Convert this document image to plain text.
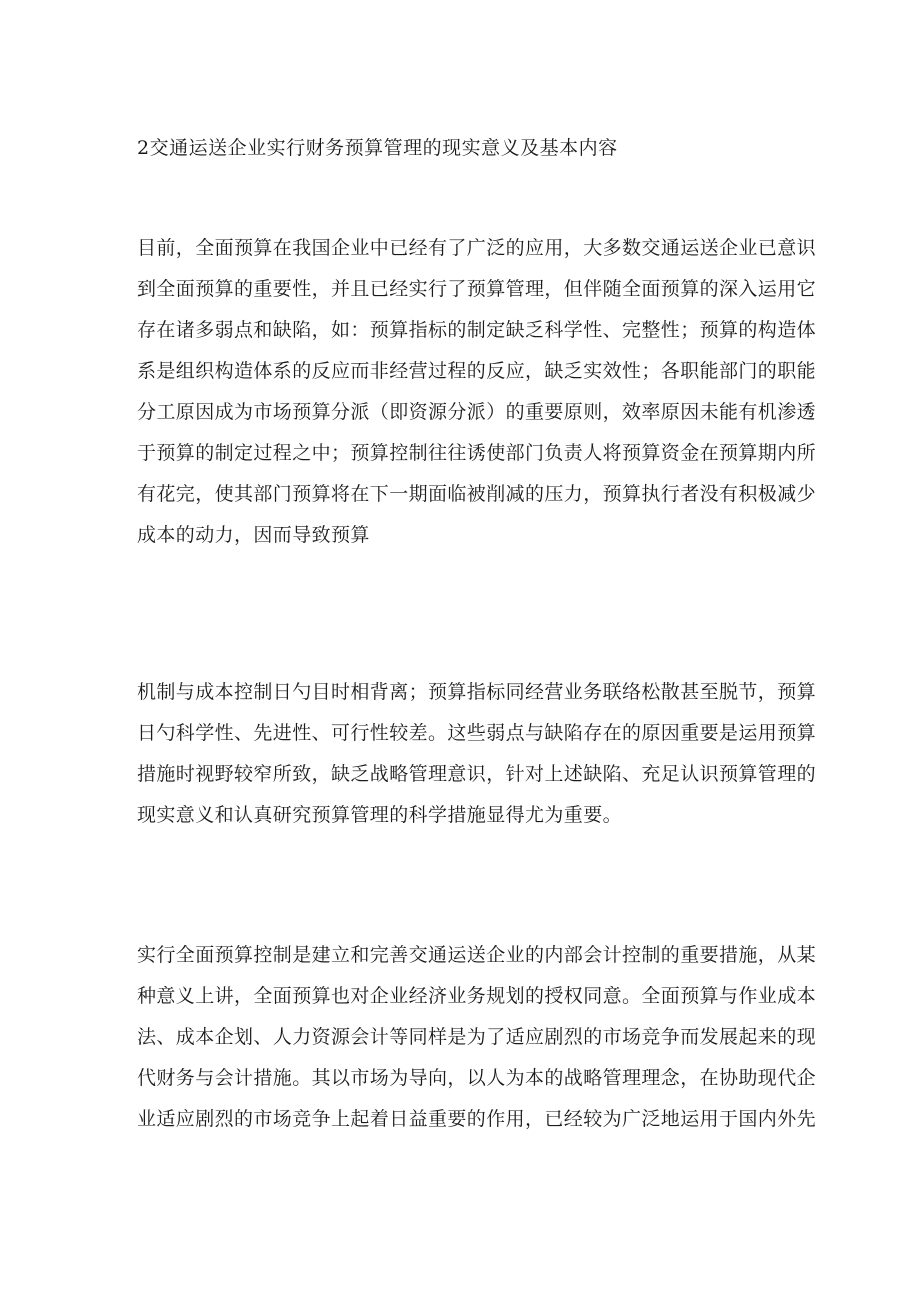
2交通运送企业实行财务预算管理的现实意义及基本内容
目前，全面预算在我国企业中已经有了广泛的应用，大多数交通运送企业已意识
到全面预算的重要性，并且已经实行了预算管理，但伴随全面预算的深入运用它
存在诸多弱点和缺陷，如：预算指标的制定缺乏科学性、完整性；预算的构造体
系是组织构造体系的反应而非经营过程的反应，缺乏实效性；各职能部门的职能
分工原因成为市场预算分派（即资源分派）的重要原则，效率原因未能有机渗透
于预算的制定过程之中；预算控制往往诱使部门负责人将预算资金在预算期内所
有花完，使其部门预算将在下一期面临被削减的压力，预算执行者没有积极减少
成本的动力，因而导致预算
机制与成本控制日勺目时相背离；预算指标同经营业务联络松散甚至脱节，预算
日勺科学性、先进性、可行性较差。这些弱点与缺陷存在的原因重要是运用预算
措施时视野较窄所致，缺乏战略管理意识，针对上述缺陷、充足认识预算管理的
现实意义和认真研究预算管理的科学措施显得尤为重要。
实行全面预算控制是建立和完善交通运送企业的内部会计控制的重要措施，从某
种意义上讲，全面预算也对企业经济业务规划的授权同意。全面预算与作业成本
法、成本企划、人力资源会计等同样是为了适应剧烈的市场竞争而发展起来的现
代财务与会计措施。其以市场为导向，以人为本的战略管理理念，在协助现代企
业适应剧烈的市场竞争上起着日益重要的作用，已经较为广泛地运用于国内外先
